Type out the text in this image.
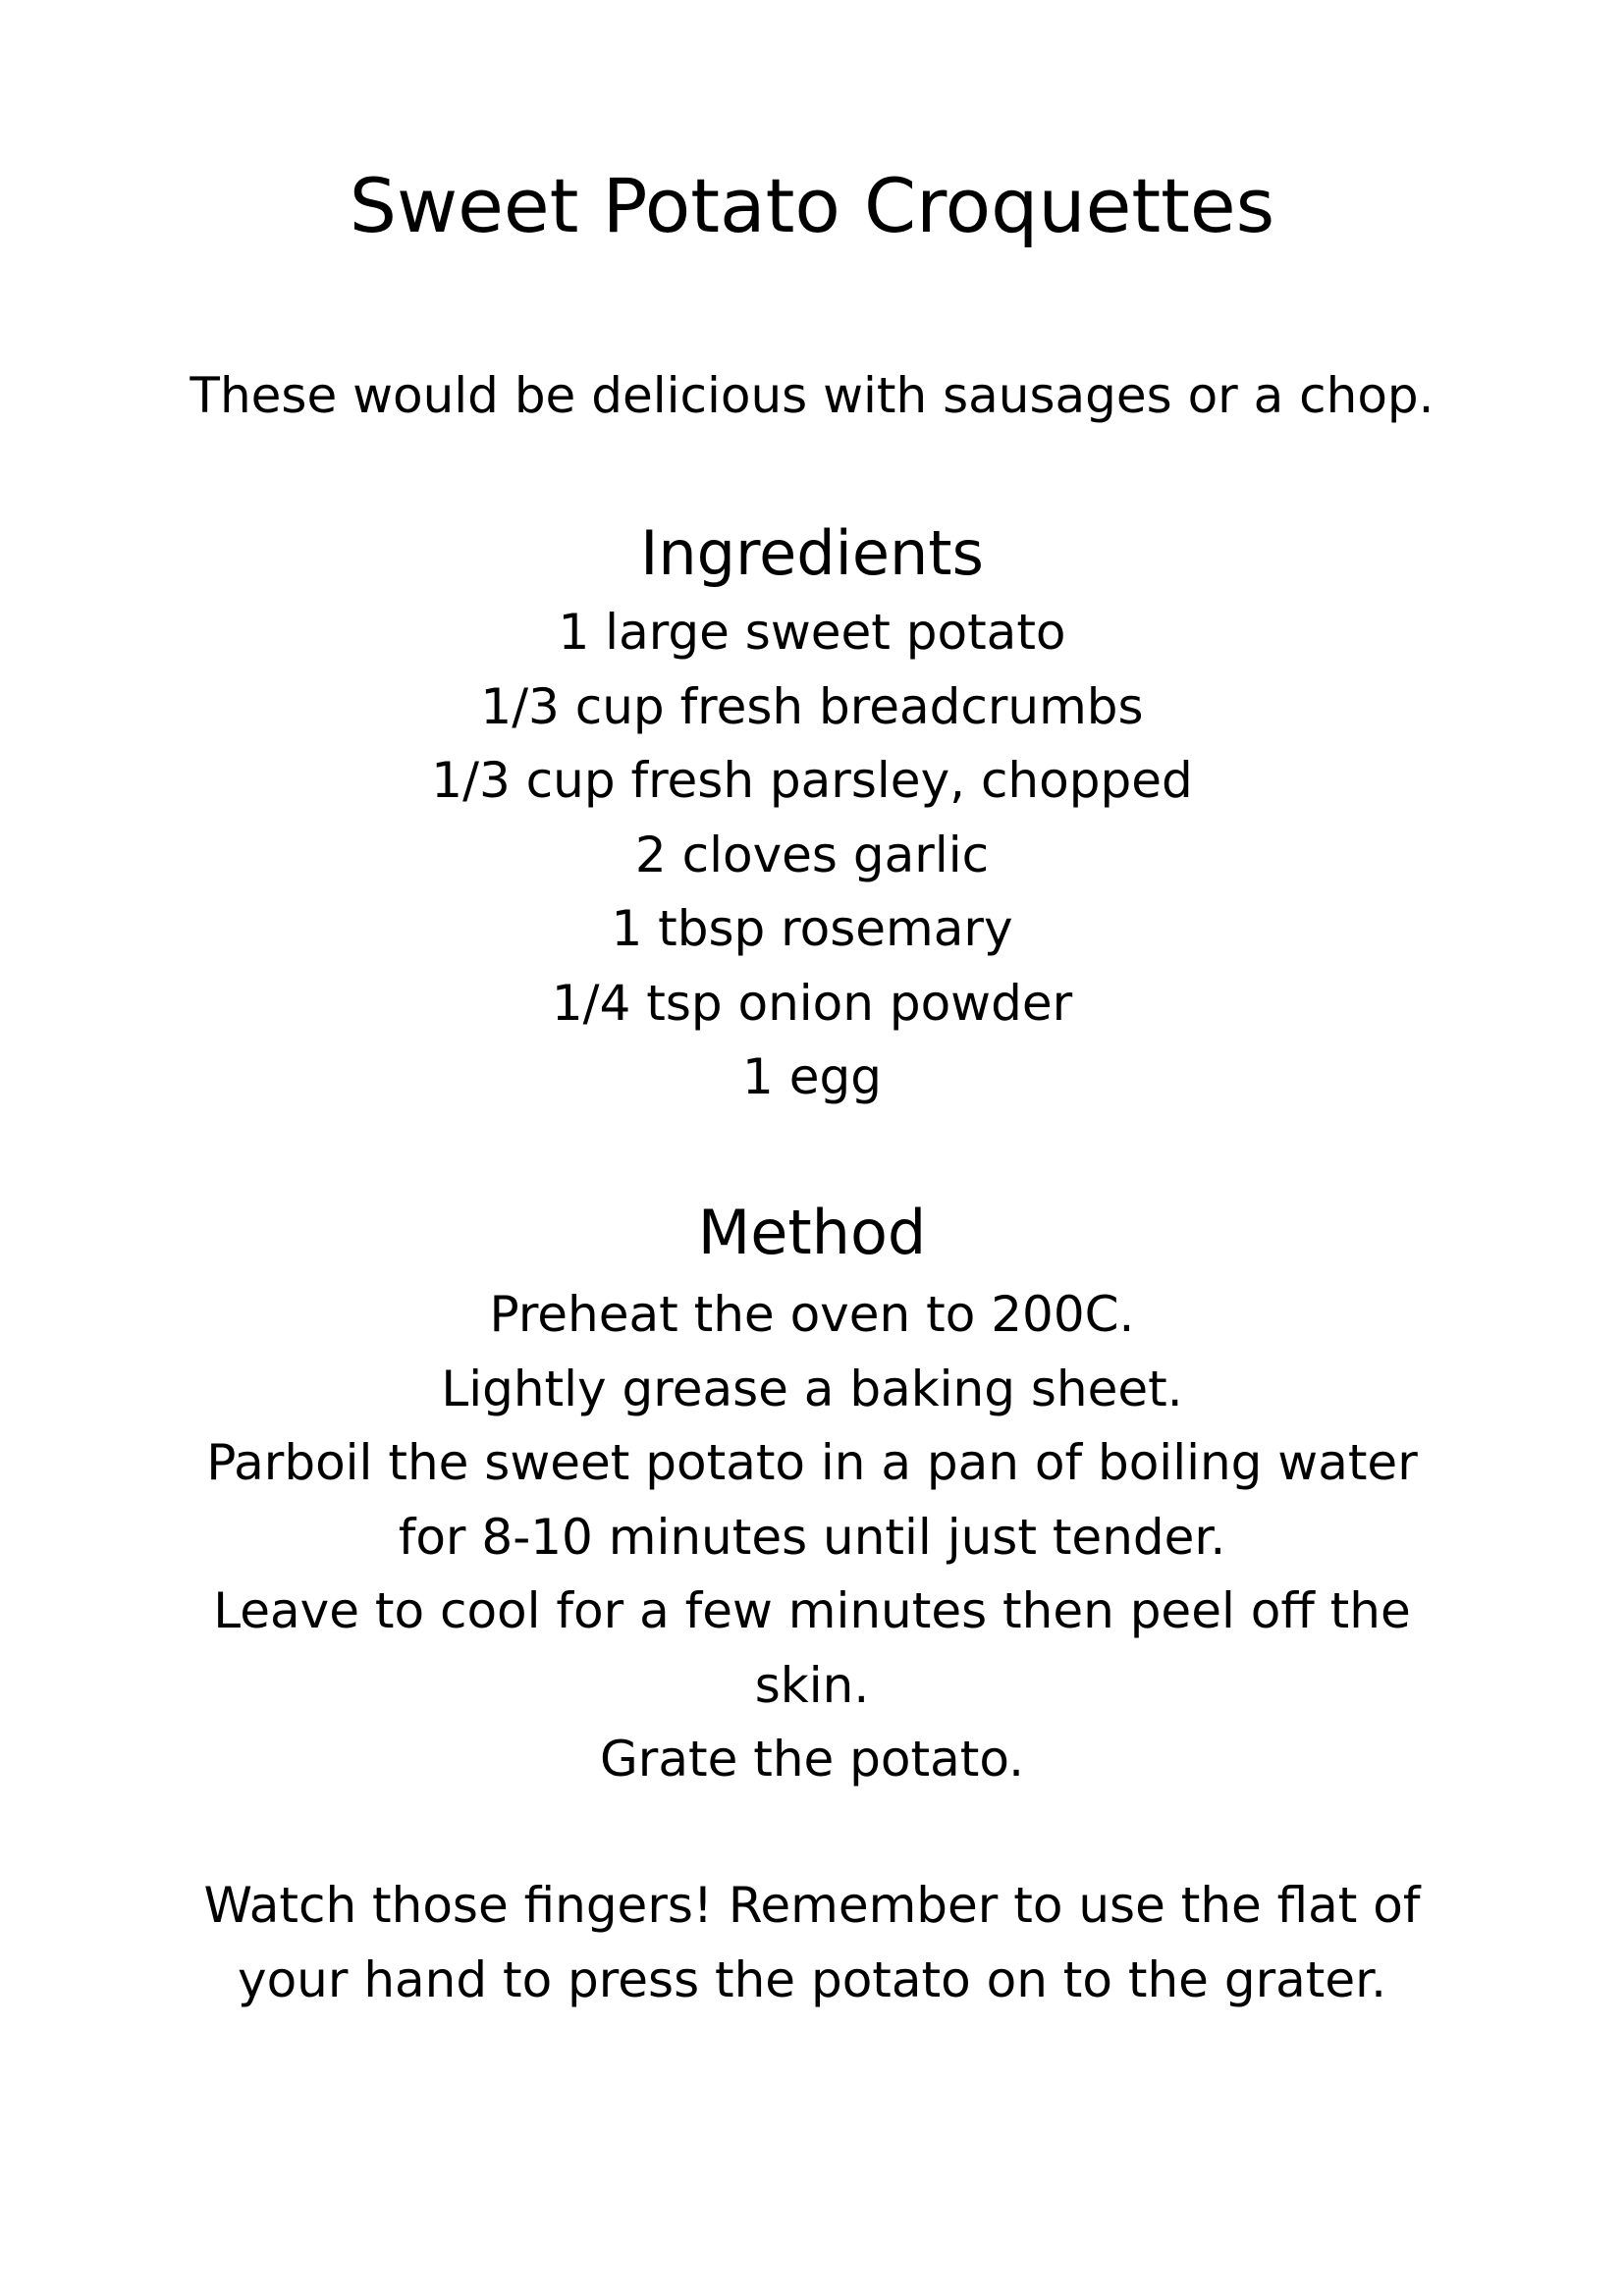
Sweet Potato Croquettes

These would be delicious with sausages or a chop.

Ingredients
1 large sweet potato
1/3 cup fresh breadcrumbs
1/3 cup fresh parsley, chopped
2 cloves garlic
1 tbsp rosemary
1/4 tsp onion powder
1 egg
Method
Preheat the oven to 200C.
Lightly grease a baking sheet.
Parboil the sweet potato in a pan of boiling water
for 8-10 minutes until just tender.
Leave to cool for a few minutes then peel off the
skin.
Grate the potato.
Watch those fingers! Remember to use the flat of
your hand to press the potato on to the grater.
